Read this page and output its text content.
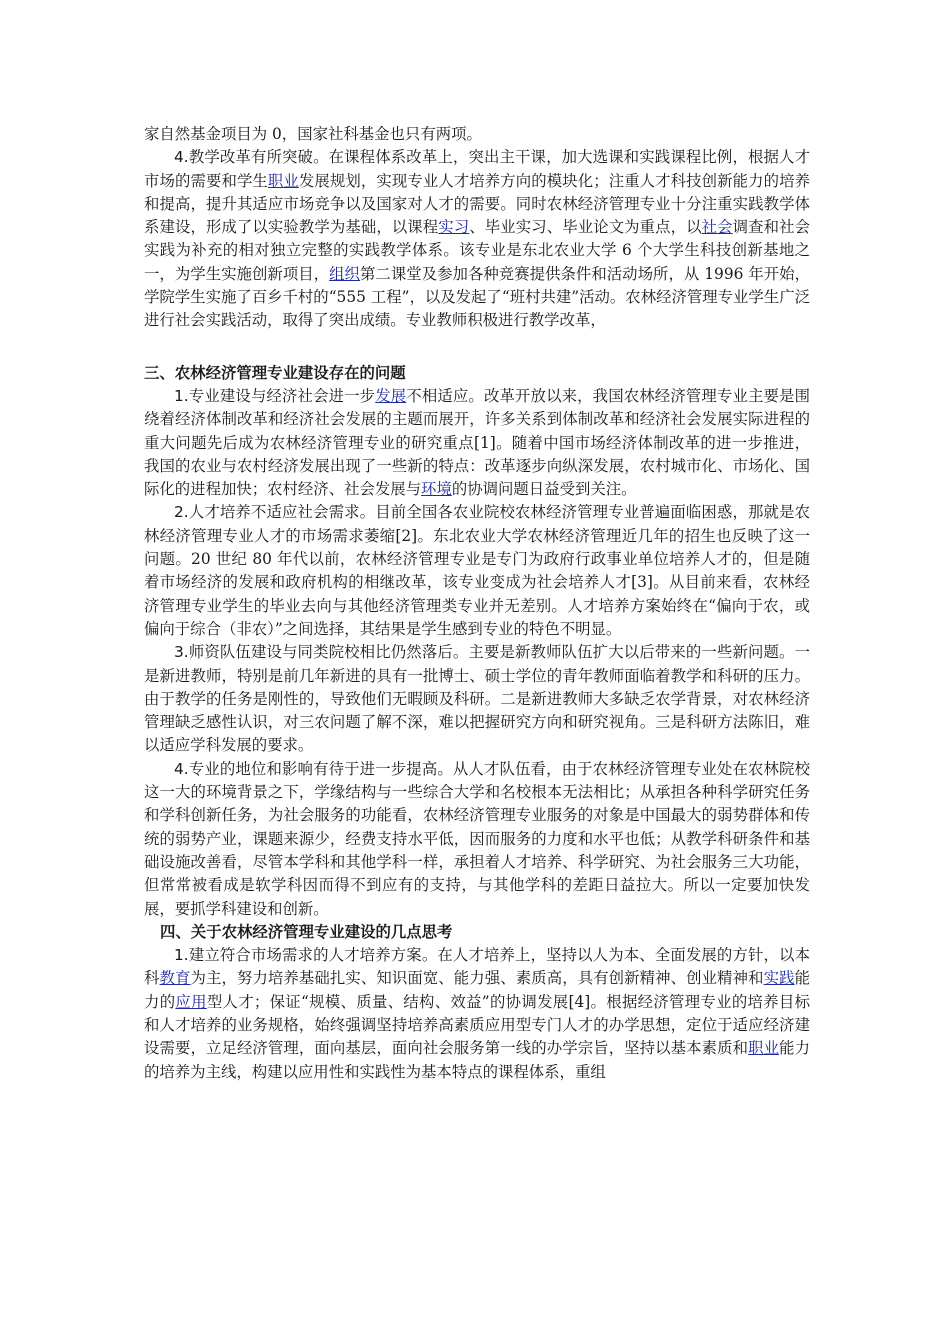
家自然基金项目为 0，国家社科基金也只有两项。

4.教学改革有所突破。在课程体系改革上，突出主干课，加大选课和实践课程比例，根据人才市场的需要和学生职业发展规划，实现专业人才培养方向的模块化；注重人才科技创新能力的培养和提高，提升其适应市场竞争以及国家对人才的需要。同时农林经济管理专业十分注重实践教学体系建设，形成了以实验教学为基础，以课程实习、毕业实习、毕业论文为重点，以社会调查和社会实践为补充的相对独立完整的实践教学体系。该专业是东北农业大学 6 个大学生科技创新基地之一，为学生实施创新项目，组织第二课堂及参加各种竞赛提供条件和活动场所，从 1996 年开始，学院学生实施了百乡千村的“555 工程”，以及发起了“班村共建”活动。农林经济管理专业学生广泛进行社会实践活动，取得了突出成绩。专业教师积极进行教学改革，

三、农林经济管理专业建设存在的问题

1.专业建设与经济社会进一步发展不相适应。改革开放以来，我国农林经济管理专业主要是围绕着经济体制改革和经济社会发展的主题而展开，许多关系到体制改革和经济社会发展实际进程的重大问题先后成为农林经济管理专业的研究重点[1]。随着中国市场经济体制改革的进一步推进，我国的农业与农村经济发展出现了一些新的特点：改革逐步向纵深发展，农村城市化、市场化、国际化的进程加快；农村经济、社会发展与环境的协调问题日益受到关注。

2.人才培养不适应社会需求。目前全国各农业院校农林经济管理专业普遍面临困惑，那就是农林经济管理专业人才的市场需求萎缩[2]。东北农业大学农林经济管理近几年的招生也反映了这一问题。20 世纪 80 年代以前，农林经济管理专业是专门为政府行政事业单位培养人才的，但是随着市场经济的发展和政府机构的相继改革，该专业变成为社会培养人才[3]。从目前来看，农林经济管理专业学生的毕业去向与其他经济管理类专业并无差别。人才培养方案始终在“偏向于农，或偏向于综合（非农）”之间选择，其结果是学生感到专业的特色不明显。

3.师资队伍建设与同类院校相比仍然落后。主要是新教师队伍扩大以后带来的一些新问题。一是新进教师，特别是前几年新进的具有一批博士、硕士学位的青年教师面临着教学和科研的压力。由于教学的任务是刚性的，导致他们无暇顾及科研。二是新进教师大多缺乏农学背景，对农林经济管理缺乏感性认识，对三农问题了解不深，难以把握研究方向和研究视角。三是科研方法陈旧，难以适应学科发展的要求。

4.专业的地位和影响有待于进一步提高。从人才队伍看，由于农林经济管理专业处在农林院校这一大的环境背景之下，学缘结构与一些综合大学和名校根本无法相比；从承担各种科学研究任务和学科创新任务，为社会服务的功能看，农林经济管理专业服务的对象是中国最大的弱势群体和传统的弱势产业，课题来源少，经费支持水平低，因而服务的力度和水平也低；从教学科研条件和基础设施改善看，尽管本学科和其他学科一样，承担着人才培养、科学研究、为社会服务三大功能，但常常被看成是软学科因而得不到应有的支持，与其他学科的差距日益拉大。所以一定要加快发展，要抓学科建设和创新。

四、关于农林经济管理专业建设的几点思考

1.建立符合市场需求的人才培养方案。在人才培养上，坚持以人为本、全面发展的方针，以本科教育为主，努力培养基础扎实、知识面宽、能力强、素质高，具有创新精神、创业精神和实践能力的应用型人才；保证“规模、质量、结构、效益”的协调发展[4]。根据经济管理专业的培养目标和人才培养的业务规格，始终强调坚持培养高素质应用型专门人才的办学思想，定位于适应经济建设需要，立足经济管理，面向基层，面向社会服务第一线的办学宗旨，坚持以基本素质和职业能力的培养为主线，构建以应用性和实践性为基本特点的课程体系，重组
